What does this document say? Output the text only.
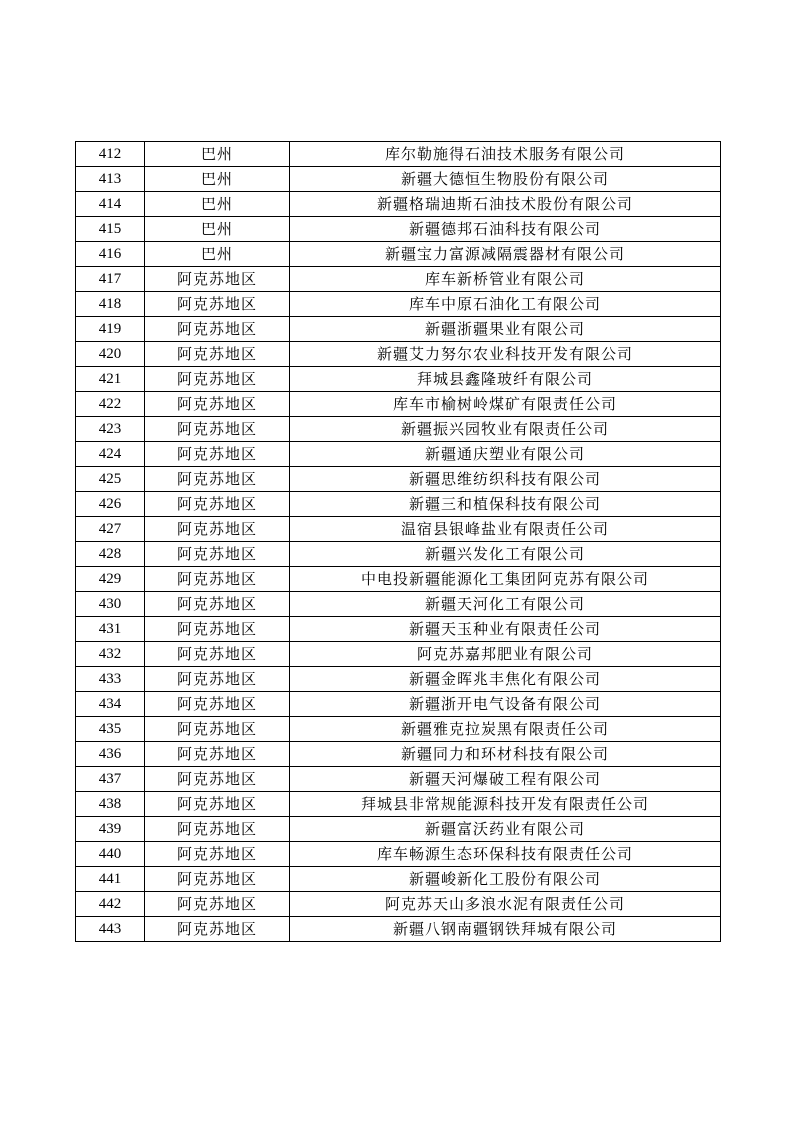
412	巴州	库尔勒施得石油技术服务有限公司
413	巴州	新疆大德恒生物股份有限公司
414	巴州	新疆格瑞迪斯石油技术股份有限公司
415	巴州	新疆德邦石油科技有限公司
416	巴州	新疆宝力富源减隔震器材有限公司
417	阿克苏地区	库车新桥管业有限公司
418	阿克苏地区	库车中原石油化工有限公司
419	阿克苏地区	新疆浙疆果业有限公司
420	阿克苏地区	新疆艾力努尔农业科技开发有限公司
421	阿克苏地区	拜城县鑫隆玻纤有限公司
422	阿克苏地区	库车市榆树岭煤矿有限责任公司
423	阿克苏地区	新疆振兴园牧业有限责任公司
424	阿克苏地区	新疆通庆塑业有限公司
425	阿克苏地区	新疆思维纺织科技有限公司
426	阿克苏地区	新疆三和植保科技有限公司
427	阿克苏地区	温宿县银峰盐业有限责任公司
428	阿克苏地区	新疆兴发化工有限公司
429	阿克苏地区	中电投新疆能源化工集团阿克苏有限公司
430	阿克苏地区	新疆天河化工有限公司
431	阿克苏地区	新疆天玉种业有限责任公司
432	阿克苏地区	阿克苏嘉邦肥业有限公司
433	阿克苏地区	新疆金晖兆丰焦化有限公司
434	阿克苏地区	新疆浙开电气设备有限公司
435	阿克苏地区	新疆雅克拉炭黑有限责任公司
436	阿克苏地区	新疆同力和环材科技有限公司
437	阿克苏地区	新疆天河爆破工程有限公司
438	阿克苏地区	拜城县非常规能源科技开发有限责任公司
439	阿克苏地区	新疆富沃药业有限公司
440	阿克苏地区	库车畅源生态环保科技有限责任公司
441	阿克苏地区	新疆峻新化工股份有限公司
442	阿克苏地区	阿克苏天山多浪水泥有限责任公司
443	阿克苏地区	新疆八钢南疆钢铁拜城有限公司
